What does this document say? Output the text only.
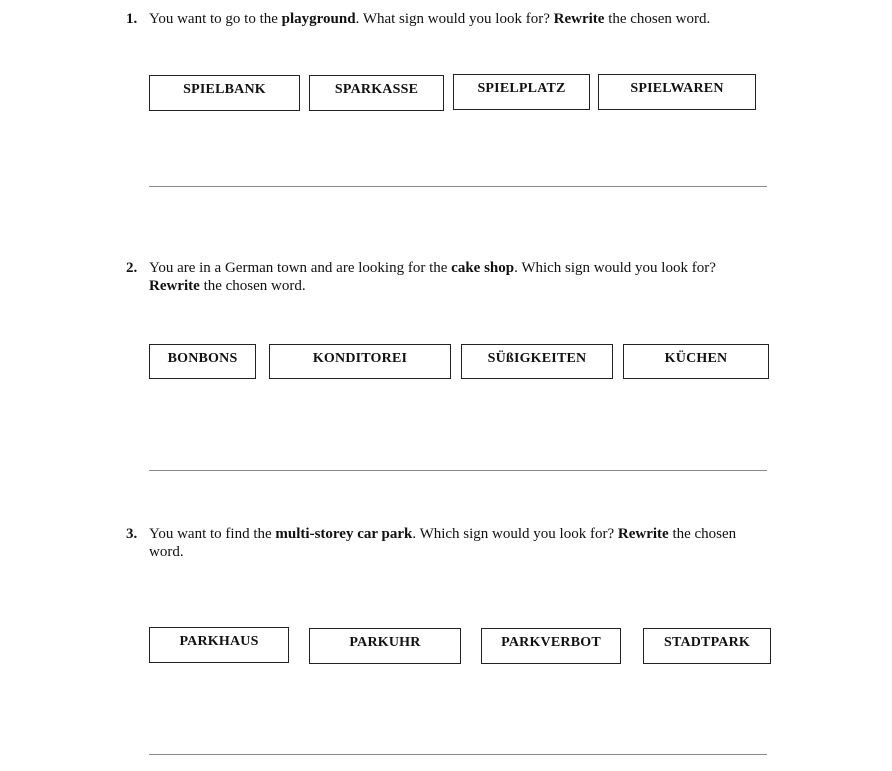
1. You want to go to the playground. What sign would you look for? Rewrite the chosen word.
SPIELBANK	SPARKASSE	SPIELPLATZ	SPIELWAREN
2. You are in a German town and are looking for the cake shop. Which sign would you look for?
Rewrite the chosen word.
BONBONS	KONDITOREI	SÜßIGKEITEN	KÜCHEN
3. You want to find the multi-storey car park. Which sign would you look for? Rewrite the chosen
word.
PARKHAUS	PARKUHR	PARKVERBOT	STADTPARK
